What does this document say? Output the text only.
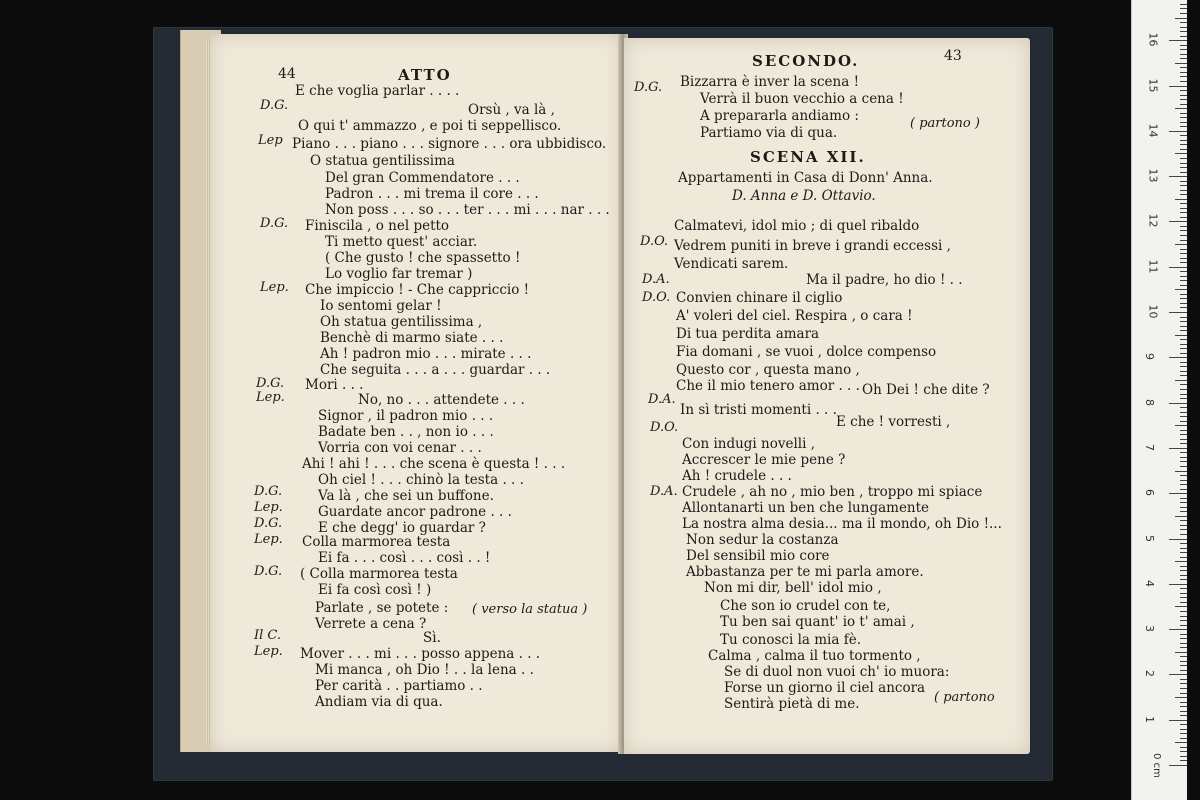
44	ATTO
E che voglia parlar . . . .
D.G.	Orsù , va là ,
O qui t' ammazzo , e poi ti seppellisco.
Lep Piano . . . piano . . . signore . . . ora ubbidisco.
O statua gentilissima
Del gran Commendatore . . .
Padron . . . mi trema il core . . .
Non poss . . . so . . . ter . . . mi . . . nar . . .
D.G. Finiscila , o nel petto
Ti metto quest' acciar.
( Che gusto ! che spassetto !
Lo voglio far tremar )
Lep. Che impiccio ! - Che cappriccio !
Io sentomi gelar !
Oh statua gentilissima ,
Benchè di marmo siate . . .
Ah ! padron mio . . . mirate . . .
Che seguita . . . a . . . guardar . . .
D.G. Mori . . .
Lep.	No, no . . . attendete . . .
Signor , il padron mio . . .
Badate ben . . , non io . . .
Vorria con voi cenar . . .
Ahi ! ahi ! . . . che scena è questa ! . . .
Oh ciel ! . . . chinò la testa . . .
D.G.	Va là , che sei un buffone.
Lep.	Guardate ancor padrone . . .
D.G.	E che degg' io guardar ?
Lep. Colla marmorea testa
Ei fa . . . così . . . così . . !
D.G. ( Colla marmorea testa
Ei fa così così ! )
Parlate , se potete : ( verso la statua )
Verrete a cena ?
Il C.	Sì.
Lep. Mover . . . mi . . . posso appena . . .
Mi manca , oh Dio ! . . la lena . .
Per carità . . partiamo . .
Andiam via di qua.
SECONDO.	43
D.G. Bizzarra è inver la scena !
Verrà il buon vecchio a cena !
A prepararla andiamo :
Partiamo via di qua.
( partono )
SCENA XII.
Appartamenti in Casa di Donn' Anna.
D. Anna e D. Ottavio.
D.O.
Calmatevi, idol mio ; di quel ribaldo
Vedrem puniti in breve i grandi eccessi ,
Vendicati sarem.
D.A.	Ma il padre, ho dio ! . .
D.O. Convien chinare il ciglio
A' voleri del ciel. Respira , o cara !
Di tua perdita amara
Fia domani , se vuoi , dolce compenso
Questo cor , questa mano ,
Che il mio tenero amor . . . Oh Dei ! che dite ?
D.A.
In sì tristi momenti . . .
D.O.	E che ! vorresti ,
Con indugi novelli ,
Accrescer le mie pene ?
Ah ! crudele . . .
D.A. Crudele , ah no , mio ben , troppo mi spiace
Allontanarti un ben che lungamente
La nostra alma desia... ma il mondo, oh Dio !...
Non sedur la costanza
Del sensibil mio core
Abbastanza per te mi parla amore.
Non mi dir, bell' idol mio ,
Che son io crudel con te,
Tu ben sai quant' io t' amai ,
Tu conosci la mia fè.
Calma , calma il tuo tormento ,
Se di duol non vuoi ch' io muora:
Forse un giorno il ciel ancora
Sentirà pietà di me.	( partono
0 cm
1
2
3
4
5
6
7
8
9
10
11
12
13
14
15
16
